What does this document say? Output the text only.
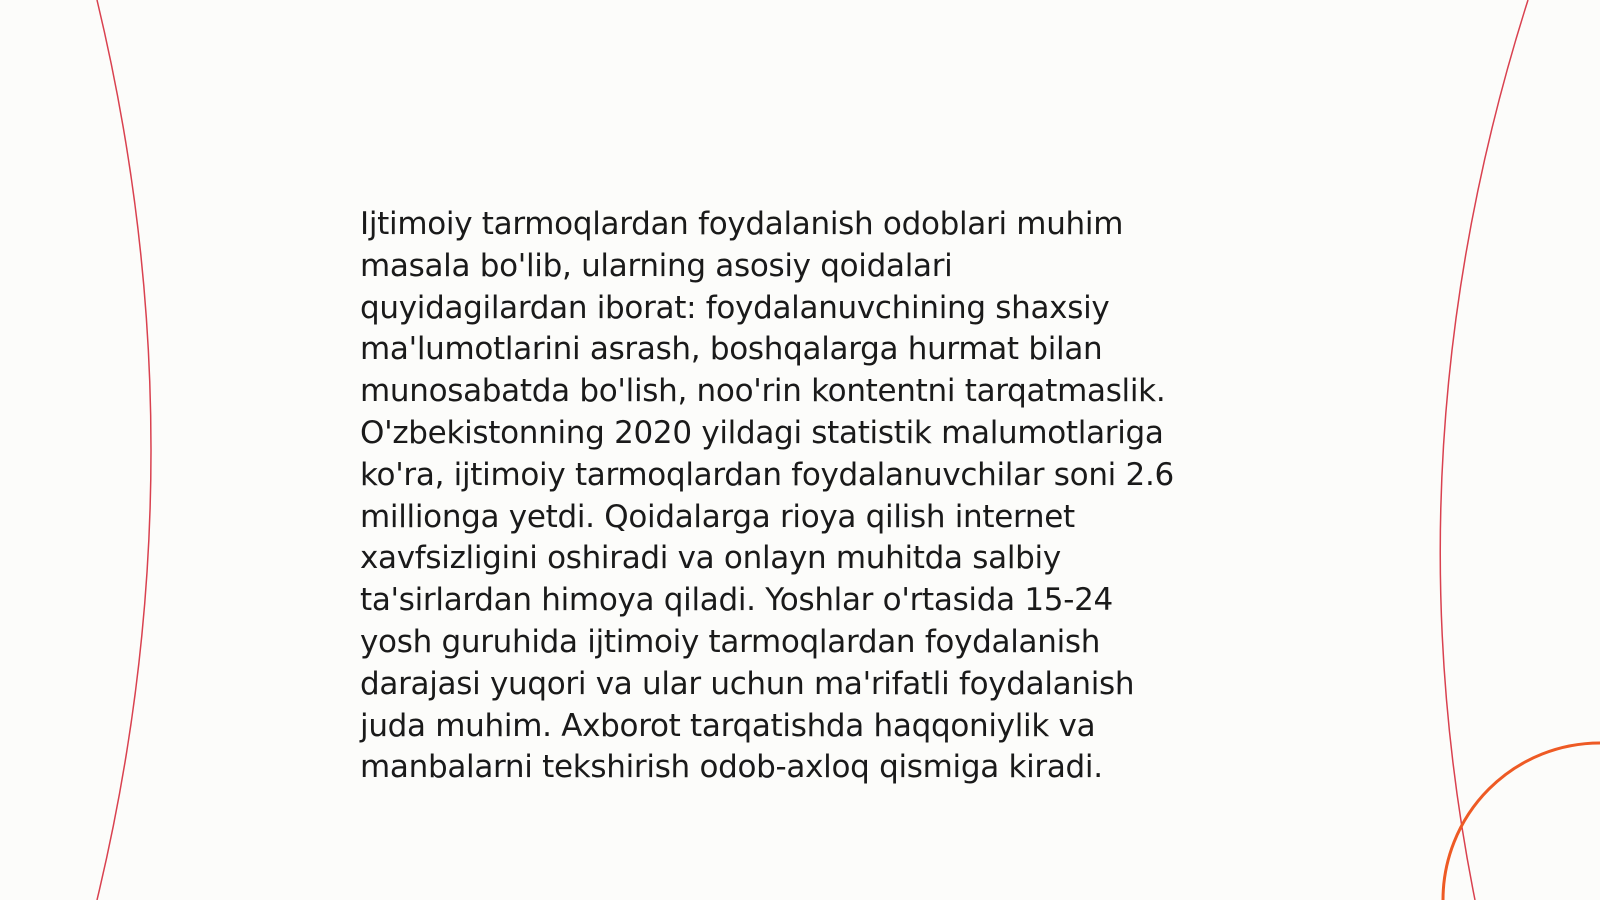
Ijtimoiy tarmoqlardan foydalanish odoblari muhim
masala bo'lib, ularning asosiy qoidalari
quyidagilardan iborat: foydalanuvchining shaxsiy
ma'lumotlarini asrash, boshqalarga hurmat bilan
munosabatda bo'lish, noo'rin kontentni tarqatmaslik.
O'zbekistonning 2020 yildagi statistik malumotlariga
ko'ra, ijtimoiy tarmoqlardan foydalanuvchilar soni 2.6
millionga yetdi. Qoidalarga rioya qilish internet
xavfsizligini oshiradi va onlayn muhitda salbiy
ta'sirlardan himoya qiladi. Yoshlar o'rtasida 15-24
yosh guruhida ijtimoiy tarmoqlardan foydalanish
darajasi yuqori va ular uchun ma'rifatli foydalanish
juda muhim. Axborot tarqatishda haqqoniylik va
manbalarni tekshirish odob-axloq qismiga kiradi.
